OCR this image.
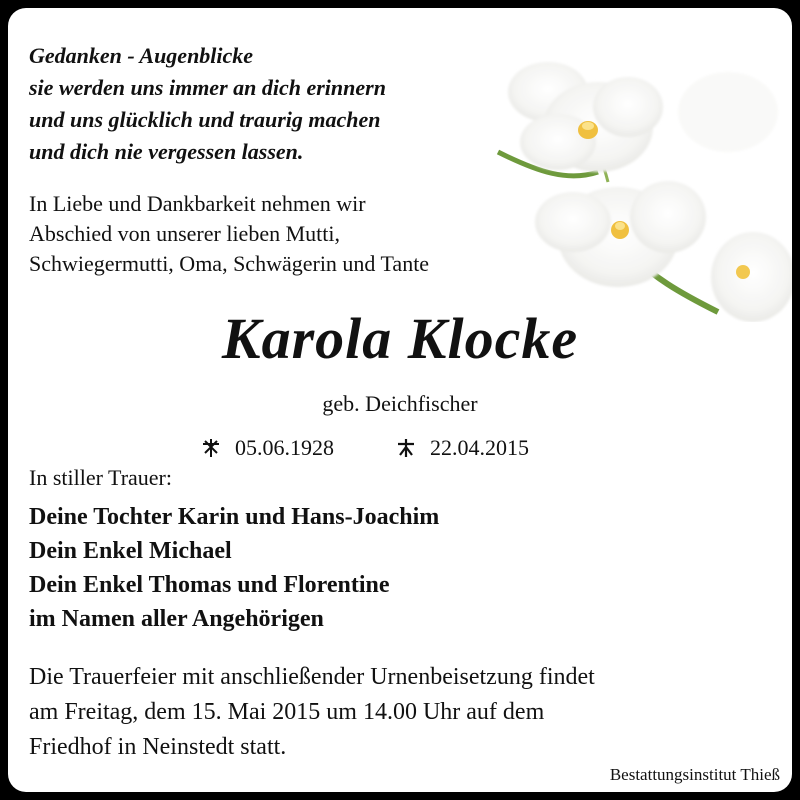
Gedanken - Augenblicke
sie werden uns immer an dich erinnern
und uns glücklich und traurig machen
und dich nie vergessen lassen.
In Liebe und Dankbarkeit nehmen wir
Abschied von unserer lieben Mutti,
Schwiegermutti, Oma, Schwägerin und Tante
Karola Klocke
geb. Deichfischer
05.06.1928	22.04.2015
In stiller Trauer:
Deine Tochter Karin und Hans-Joachim
Dein Enkel Michael
Dein Enkel Thomas und Florentine
im Namen aller Angehörigen
Die Trauerfeier mit anschließender Urnenbeisetzung findet
am Freitag, dem 15. Mai 2015 um 14.00 Uhr auf dem
Friedhof in Neinstedt statt.
Bestattungsinstitut Thieß
